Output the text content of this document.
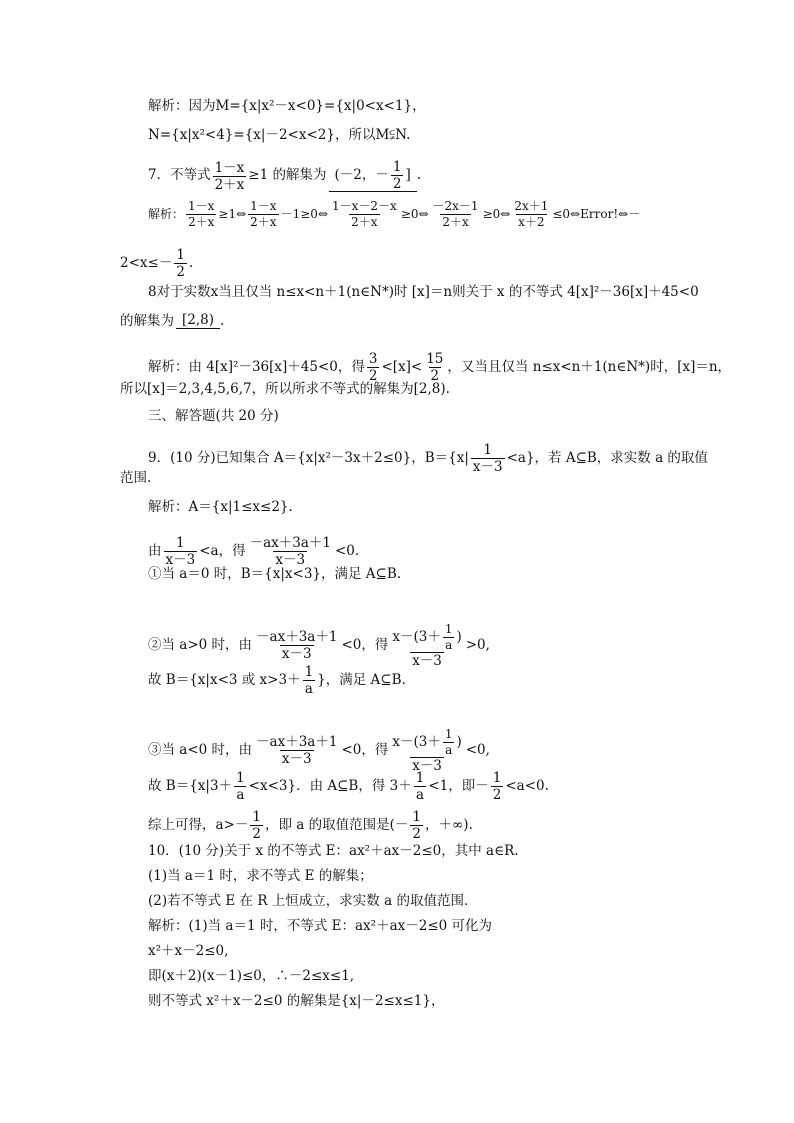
解析：因为M={x|x²－x<0}={x|0<x<1}，
N={x|x²<4}={x|－2<x<2}，所以M⫋N.
7．不等式 $\frac{1-x}{2+x} \ge 1$ 的解集为 (－2，－ $\frac{1}{2}$ ] .
解析： $\frac{1-x}{2+x}$ ≥1⇔ $\frac{1-x}{2+x}$ －1≥0⇔ $\frac{1-x-2-x}{2+x}$ ≥0⇔ $\frac{-2x-1}{2+x}$ ≥0⇔ $\frac{2x+1}{x+2}$ ≤0⇔Error!⇔－
$2<x\le- \frac{1}{2}$ .
8对于实数x当且仅当 n≤x<n＋1(n∈N*)时 [x]＝n则关于 x 的不等式 4[x]²－36[x]＋45<0
的解集为 [2,8) .
解析：由 4[x]²－36[x]＋45<0，得 $\frac{3}{2} <[x]< \frac{15}{2}$ ，又当且仅当 n≤x<n＋1(n∈N*)时，[x]＝n，
所以[x]＝2,3,4,5,6,7，所以所求不等式的解集为[2,8).
三、解答题(共 20 分)
9．(10 分)已知集合 A＝{x|x²－3x＋2≤0}，$B=\{x| \frac{1}{x-3} <a\}$，若 A⊆B，求实数 a 的取值
范围.
解析：A＝{x|1≤x≤2}.
由 $\frac{1}{x-3} <a$，得 $\frac{-ax+3a+1}{x-3} <0$.
①当 a＝0 时，B＝{x|x<3}，满足 A⊆B.
②当 a>0 时，由 $\frac{-ax+3a+1}{x-3} <0$，得 $\frac{x-(3+ \frac{1}{a} )}{x-3} >0$,
故 B＝{x|x<3 或 $x>3+ \frac{1}{a}$ }，满足 A⊆B.
③当 a<0 时，由 $\frac{-ax+3a+1}{x-3} <0$，得 $\frac{x-(3+ \frac{1}{a} )}{x-3} <0$,
故 $B=\{x|3+ \frac{1}{a} <x<3\}$．由 A⊆B，得 $3+ \frac{1}{a} <1$，即－ $\frac{1}{2} <a<0$.
综上可得，$a>- \frac{1}{2}$ ，即 a 的取值范围是(－ $\frac{1}{2}$ ，＋∞).
10．(10 分)关于 x 的不等式 E：ax²＋ax－2≤0，其中 a∈R.
(1)当 a＝1 时，求不等式 E 的解集；
(2)若不等式 E 在 R 上恒成立，求实数 a 的取值范围．
解析：(1)当 a＝1 时，不等式 E：ax²＋ax－2≤0 可化为
x²＋x－2≤0,
即(x＋2)(x－1)≤0，∴－2≤x≤1,
则不等式 x²＋x－2≤0 的解集是{x|－2≤x≤1}，
